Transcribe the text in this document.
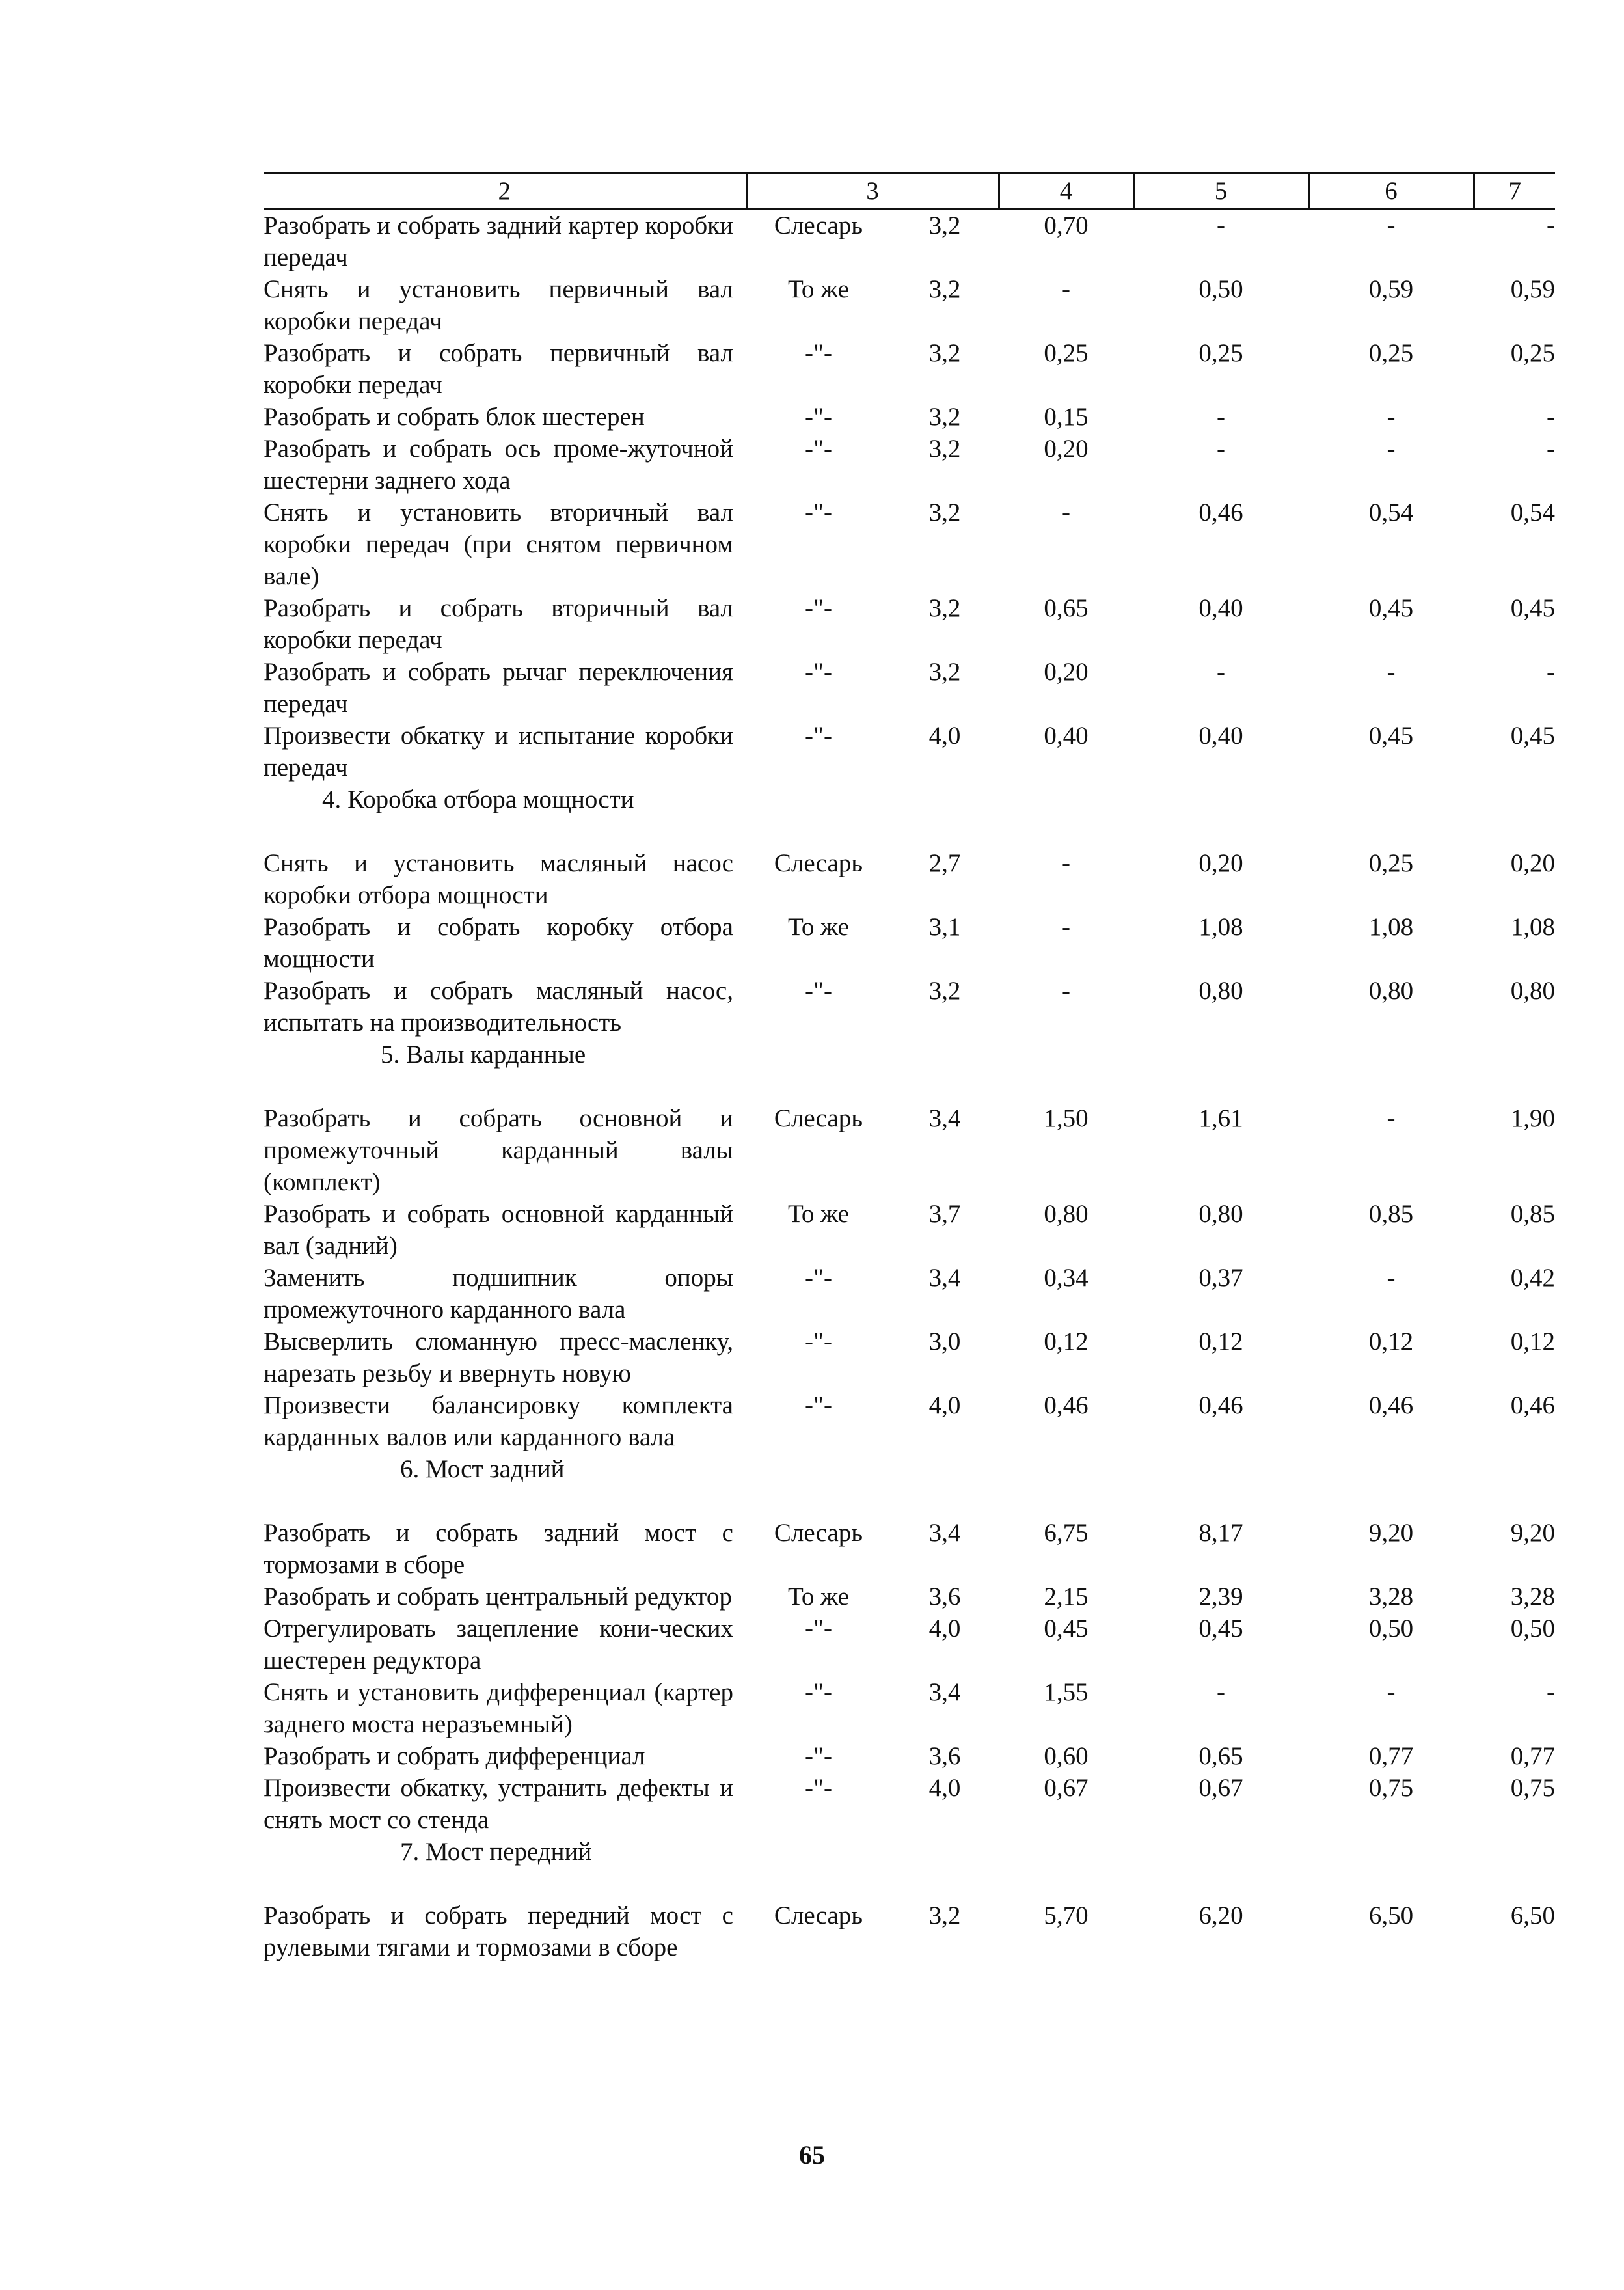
2	3		4	5	6	7
Разобрать и собрать задний картер коробки передач	Слесарь	3,2	0,70	-	-	-
Снять и установить первичный вал коробки передач	То же	3,2	-	0,50	0,59	0,59
Разобрать и собрать первичный вал коробки передач	-"-	3,2	0,25	0,25	0,25	0,25
Разобрать и собрать блок шестерен	-"-	3,2	0,15	-	-	-
Разобрать и собрать ось проме-жуточной шестерни заднего хода	-"-	3,2	0,20	-	-	-
Снять и установить вторичный вал коробки передач (при снятом первичном вале)	-"-	3,2	-	0,46	0,54	0,54
Разобрать и собрать вторичный вал коробки передач	-"-	3,2	0,65	0,40	0,45	0,45
Разобрать и собрать рычаг переключения передач	-"-	3,2	0,20	-	-	-
Произвести обкатку и испытание коробки передач	-"-	4,0	0,40	0,40	0,45	0,45
4. Коробка отбора мощности						
Снять и установить масляный насос коробки отбора мощности	Слесарь	2,7	-	0,20	0,25	0,20
Разобрать и собрать коробку отбора мощности	То же	3,1	-	1,08	1,08	1,08
Разобрать и собрать масляный насос, испытать на производительность	-"-	3,2	-	0,80	0,80	0,80
5. Валы карданные						
Разобрать и собрать основной и промежуточный карданный валы (комплект)	Слесарь	3,4	1,50	1,61	-	1,90
Разобрать и собрать основной карданный вал (задний)	То же	3,7	0,80	0,80	0,85	0,85
Заменить подшипник опоры промежуточного карданного вала	-"-	3,4	0,34	0,37	-	0,42
Высверлить сломанную пресс-масленку, нарезать резьбу и ввернуть новую	-"-	3,0	0,12	0,12	0,12	0,12
Произвести балансировку комплекта карданных валов или карданного вала	-"-	4,0	0,46	0,46	0,46	0,46
6. Мост задний						
Разобрать и собрать задний мост с тормозами в сборе	Слесарь	3,4	6,75	8,17	9,20	9,20
Разобрать и собрать центральный редуктор	То же	3,6	2,15	2,39	3,28	3,28
Отрегулировать зацепление кони-ческих шестерен редуктора	-"-	4,0	0,45	0,45	0,50	0,50
Снять и установить дифференциал (картер заднего моста неразъемный)	-"-	3,4	1,55	-	-	-
Разобрать и собрать дифференциал	-"-	3,6	0,60	0,65	0,77	0,77
Произвести обкатку, устранить дефекты и снять мост со стенда	-"-	4,0	0,67	0,67	0,75	0,75
7. Мост передний						
Разобрать и собрать передний мост с рулевыми тягами и тормозами в сборе	Слесарь	3,2	5,70	6,20	6,50	6,50
65
